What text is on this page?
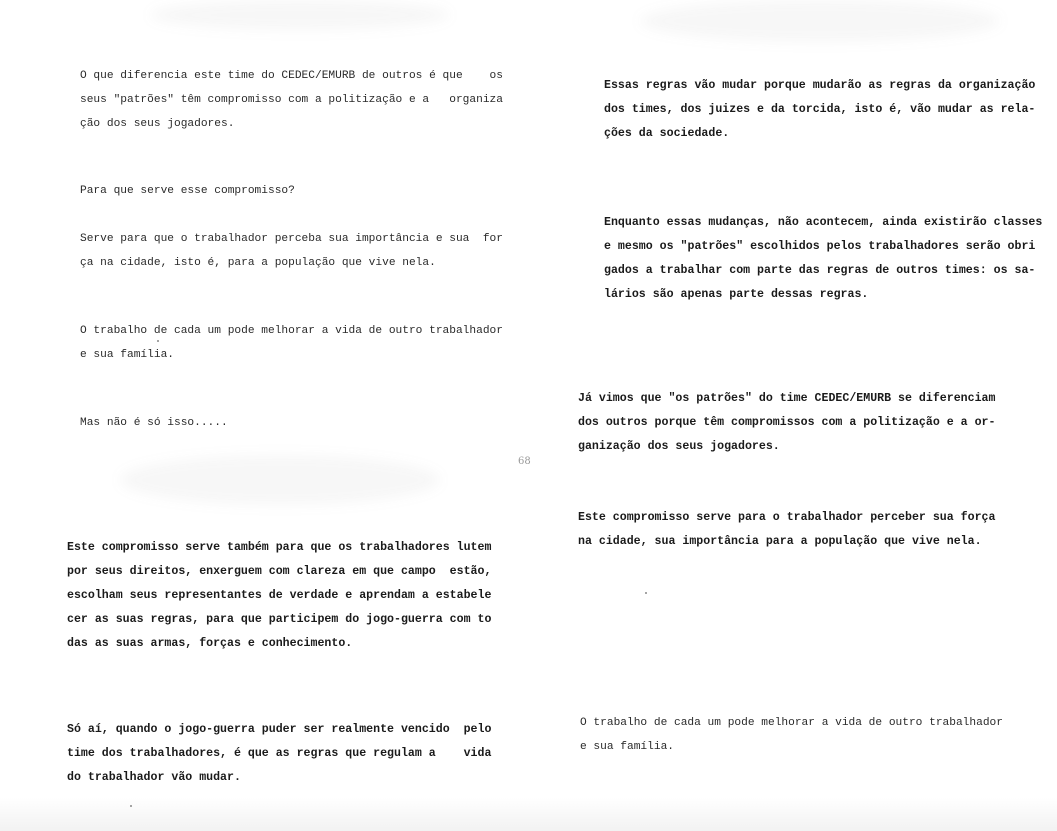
O que diferencia este time do CEDEC/EMURB de outros é que    os
seus "patrões" têm compromisso com a politização e a   organiza
ção dos seus jogadores.

Para que serve esse compromisso?

Serve para que o trabalhador perceba sua importância e sua  for
ça na cidade, isto é, para a população que vive nela.

O trabalho de cada um pode melhorar a vida de outro trabalhador
e sua família.

Mas não é só isso.....

Este compromisso serve também para que os trabalhadores lutem
por seus direitos, enxerguem com clareza em que campo  estão,
escolham seus representantes de verdade e aprendam a estabele
cer as suas regras, para que participem do jogo-guerra com to
das as suas armas, forças e conhecimento.

Só aí, quando o jogo-guerra puder ser realmente vencido  pelo
time dos trabalhadores, é que as regras que regulam a    vida
do trabalhador vão mudar.

68

Essas regras vão mudar porque mudarão as regras da organização
dos times, dos juizes e da torcida, isto é, vão mudar as rela-
ções da sociedade.

Enquanto essas mudanças, não acontecem, ainda existirão classes
e mesmo os "patrões" escolhidos pelos trabalhadores serão obri
gados a trabalhar com parte das regras de outros times: os sa-
lários são apenas parte dessas regras.

Já vimos que "os patrões" do time CEDEC/EMURB se diferenciam
dos outros porque têm compromissos com a politização e a or-
ganização dos seus jogadores.

Este compromisso serve para o trabalhador perceber sua força
na cidade, sua importância para a população que vive nela.

O trabalho de cada um pode melhorar a vida de outro trabalhador
e sua família.
